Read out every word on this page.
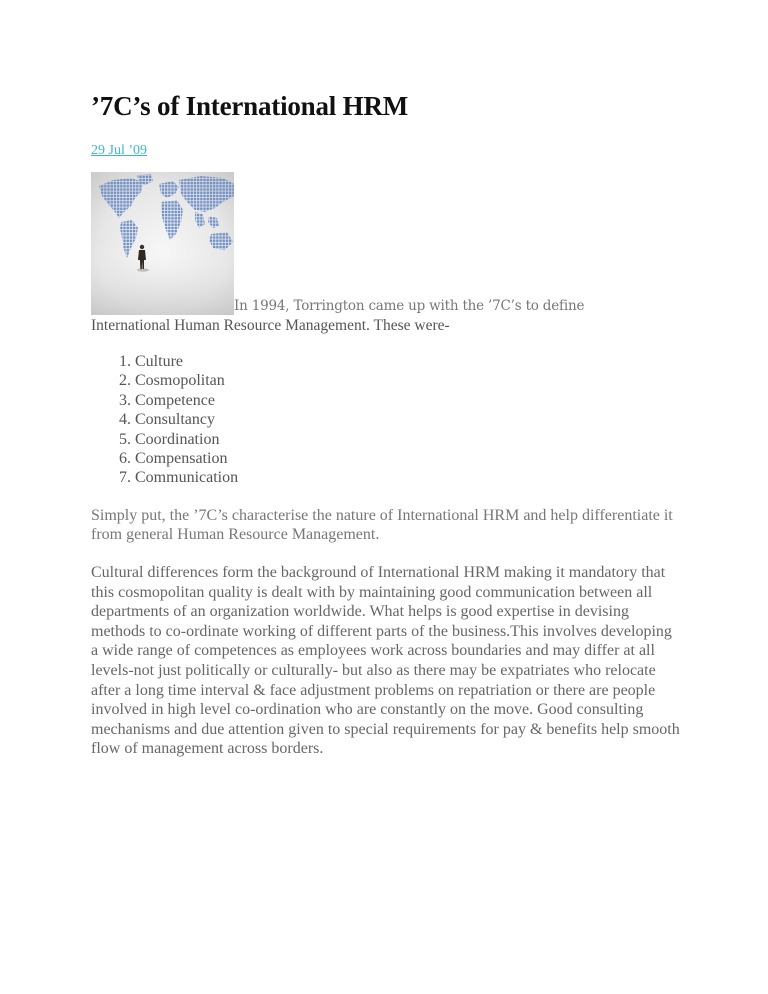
’7C’s of International HRM
29 Jul ’09
In 1994, Torrington came up with the ’7C’s to define
International Human Resource Management. These were-
1. Culture
2. Cosmopolitan
3. Competence
4. Consultancy
5. Coordination
6. Compensation
7. Communication

Simply put, the ’7C’s characterise the nature of International HRM and help differentiate it from general Human Resource Management.

Cultural differences form the background of International HRM making it mandatory that this cosmopolitan quality is dealt with by maintaining good communication between all departments of an organization worldwide. What helps is good expertise in devising methods to co-ordinate working of different parts of the business.This involves developing a wide range of competences as employees work across boundaries and may differ at all levels-not just politically or culturally- but also as there may be expatriates who relocate after a long time interval & face adjustment problems on repatriation or there are people involved in high level co-ordination who are constantly on the move. Good consulting mechanisms and due attention given to special requirements for pay & benefits help smooth flow of management across borders.
